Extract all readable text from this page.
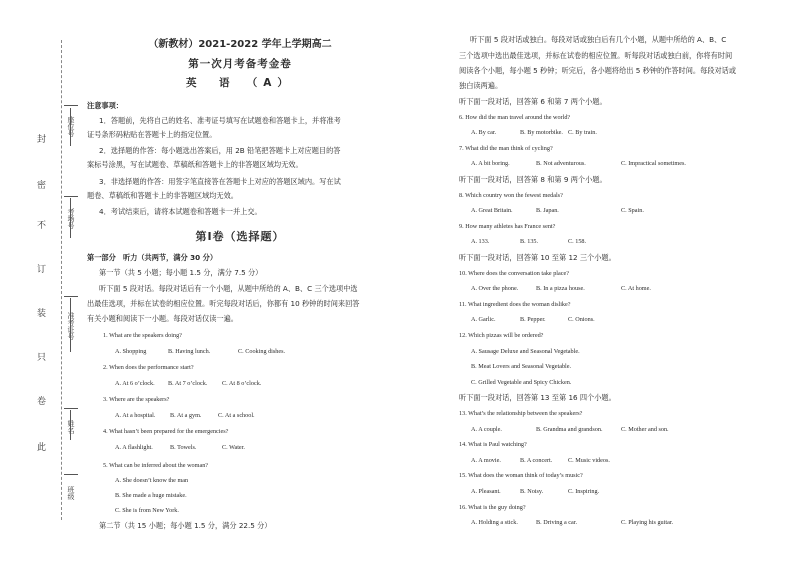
封
密
不
订
装
只
卷
此
座位号
考场号
准考证号
姓名
班级
（新教材）2021-2022 学年上学期高二
第一次月考备考金卷
英　语　（A）
注意事项：
1．答题前，先将自己的姓名、准考证号填写在试题卷和答题卡上，并将准考
证号条形码粘贴在答题卡上的指定位置。
2．选择题的作答：每小题选出答案后，用 2B 铅笔把答题卡上对应题目的答
案标号涂黑，写在试题卷、草稿纸和答题卡上的非答题区域均无效。
3．非选择题的作答：用签字笔直接答在答题卡上对应的答题区域内。写在试
题卷、草稿纸和答题卡上的非答题区域均无效。
4．考试结束后，请将本试题卷和答题卡一并上交。
第Ⅰ卷（选择题）
第一部分　听力（共两节，满分 30 分）
第一节（共 5 小题；每小题 1.5 分，满分 7.5 分）
听下面 5 段对话。每段对话后有一个小题，从题中所给的 A、B、C 三个选项中选
出最佳选项，并标在试卷的相应位置。听完每段对话后，你都有 10 秒钟的时间来回答
有关小题和阅读下一小题。每段对话仅读一遍。
1. What are the speakers doing?
A. Shopping	B. Having lunch.	C. Cooking dishes.
2. When does the performance start?
A. At 6 o’clock. B. At 7 o’clock. C. At 8 o’clock.
3. Where are the speakers?
A. At a hospital. B. At a gym.	C. At a school.
4. What hasn’t been prepared for the emergencies?
A. A flashlight.	B. Towels.	C. Water.
5. What can be inferred about the woman?
A. She doesn’t know the man
B. She made a huge mistake.
C. She is from New York.
第二节（共 15 小题；每小题 1.5 分，满分 22.5 分）
听下面 5 段对话或独白。每段对话或独白后有几个小题，从题中所给的 A、B、C
三个选项中选出最佳选项，并标在试卷的相应位置。听每段对话或独白前，你将有时间
阅读各个小题，每小题 5 秒钟；听完后，各小题将给出 5 秒钟的作答时间。每段对话或
独白读两遍。
听下面一段对话，回答第 6 和第 7 两个小题。
6. How did the man travel around the world?
A. By car.	B. By motorbike. C. By train.
7. What did the man think of cycling?
A. A bit boring.	B. Not adventurous.	C. Impractical sometimes.
听下面一段对话，回答第 8 和第 9 两个小题。
8. Which country won the fewest medals?
A. Great Britain.	B. Japan.	C. Spain.
9. How many athletes has France sent?
A. 133.	B. 135.	C. 158.
听下面一段对话，回答第 10 至第 12 三个小题。
10. Where does the conversation take place?
A. Over the phone.	B. In a pizza house.	C. At home.
11. What ingredient does the woman dislike?
A. Garlic.	B. Pepper.	C. Onions.
12. Which pizzas will be ordered?
A. Sausage Deluxe and Seasonal Vegetable.
B. Meat Lovers and Seasonal Vegetable.
C. Grilled Vegetable and Spicy Chicken.
听下面一段对话，回答第 13 至第 16 四个小题。
13. What’s the relationship between the speakers?
A. A couple.	B. Grandma and grandson.	C. Mother and son.
14. What is Paul watching?
A. A movie.	B. A concert.	C. Music videos.
15. What does the woman think of today’s music?
A. Pleasant.	B. Noisy.	C. Inspiring.
16. What is the guy doing?
A. Holding a stick.	B. Driving a car.	C. Playing his guitar.
